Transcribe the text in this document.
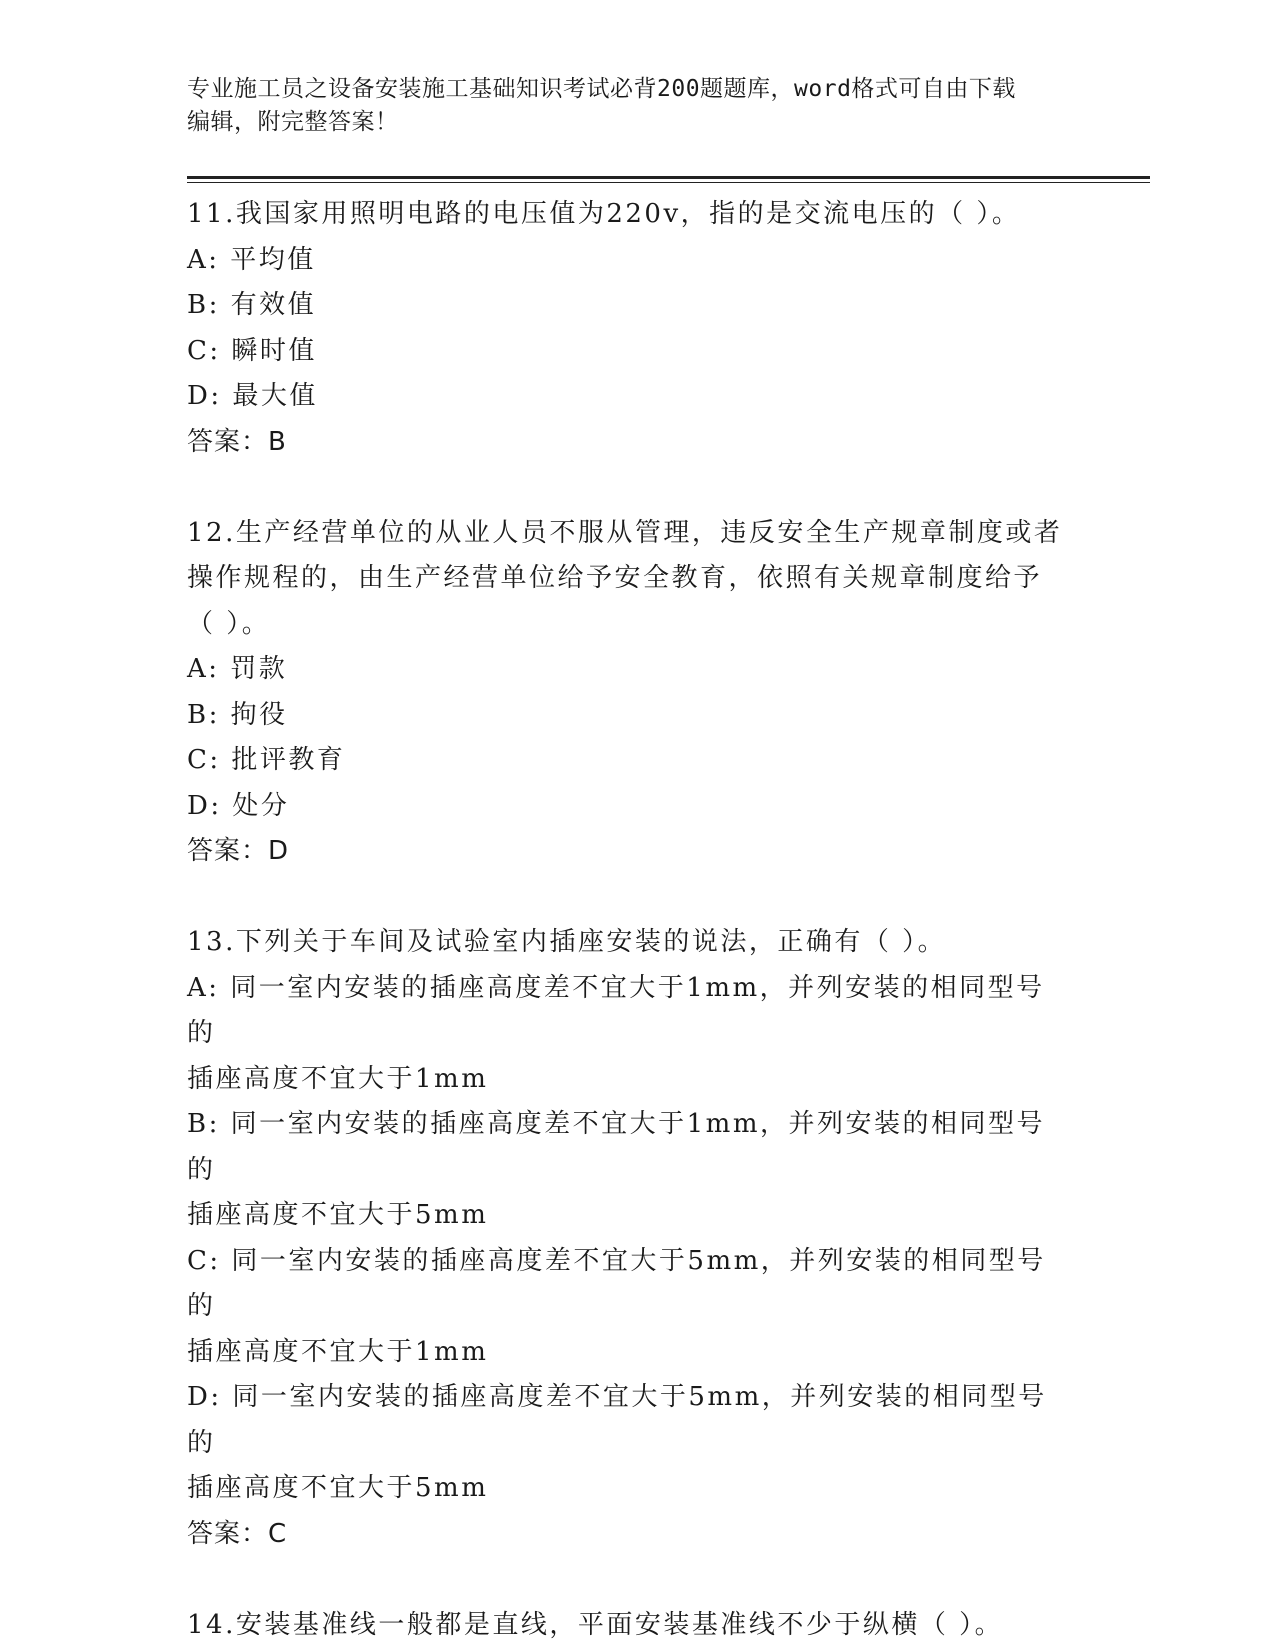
专业施工员之设备安装施工基础知识考试必背200题题库，word格式可自由下载
编辑，附完整答案！
11.我国家用照明电路的电压值为220v，指的是交流电压的（ ）。
A: 平均值
B: 有效值
C: 瞬时值
D: 最大值
答案：B
12.生产经营单位的从业人员不服从管理，违反安全生产规章制度或者
操作规程的，由生产经营单位给予安全教育，依照有关规章制度给予
（ ）。
A: 罚款
B: 拘役
C: 批评教育
D: 处分
答案：D
13.下列关于车间及试验室内插座安装的说法，正确有（ ）。
A: 同一室内安装的插座高度差不宜大于1mm，并列安装的相同型号的
插座高度不宜大于1mm
B: 同一室内安装的插座高度差不宜大于1mm，并列安装的相同型号的
插座高度不宜大于5mm
C: 同一室内安装的插座高度差不宜大于5mm，并列安装的相同型号的
插座高度不宜大于1mm
D: 同一室内安装的插座高度差不宜大于5mm，并列安装的相同型号的
插座高度不宜大于5mm
答案：C
14.安装基准线一般都是直线，平面安装基准线不少于纵横（ ）。
